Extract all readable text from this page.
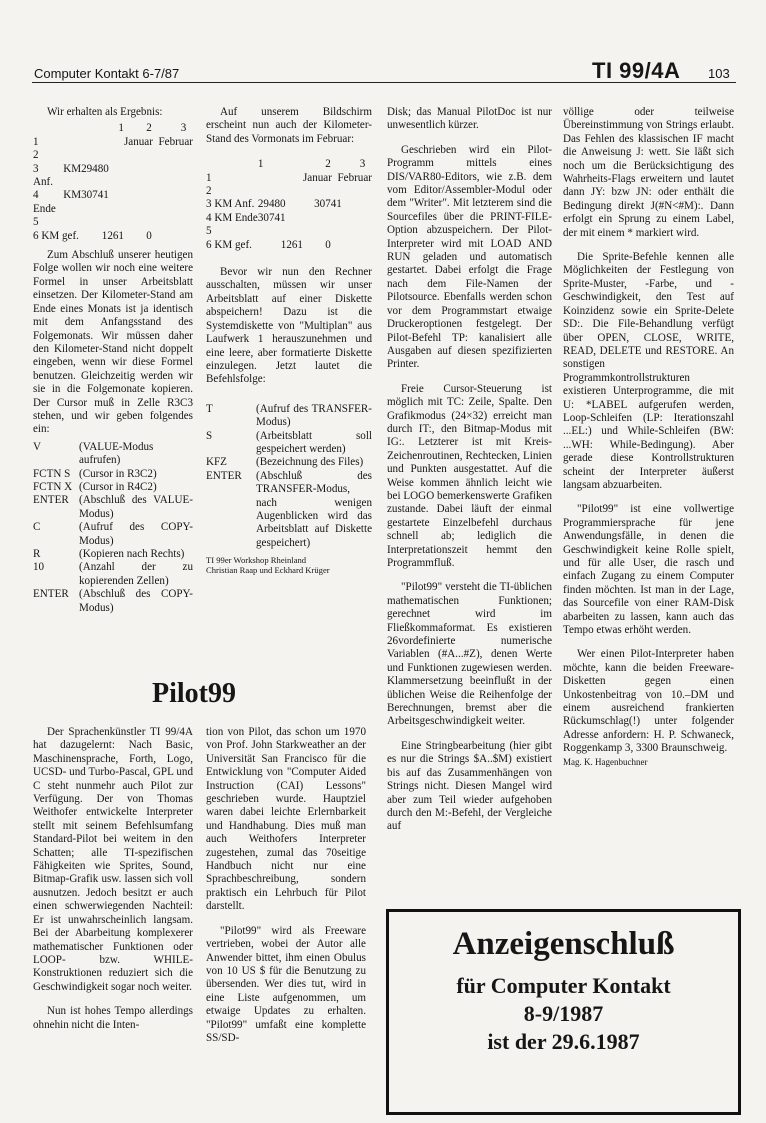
Computer Kontakt 6-7/87	TI 99/4A 103

Wir erhalten als Ergebnis:

	1	2	3
1		Januar Februar	
2			
3 KM Anf.	29480		
4 KM Ende	30741		
5			
6 KM gef.	1261	0	

Zum Abschluß unserer heutigen Folge wollen wir noch eine weitere Formel in unser Arbeitsblatt einsetzen. Der Kilometer-Stand am Ende eines Monats ist ja identisch mit dem Anfangsstand des Folgemonats. Wir müssen daher den Kilometer-Stand nicht doppelt eingeben, wenn wir diese Formel benutzen. Gleichzeitig werden wir sie in die Folgemonate kopieren. Der Cursor muß in Zelle R3C3 stehen, und wir geben folgendes ein:

V	(VALUE-Modus aufrufen)
FCTN S	(Cursor in R3C2)
FCTN X	(Cursor in R4C2)
ENTER	(Abschluß des VALUE-Modus)
C	(Aufruf des COPY-Modus)
R	(Kopieren nach Rechts)
10	(Anzahl der zu kopierenden Zellen)
ENTER	(Abschluß des COPY-Modus)

Auf unserem Bildschirm erscheint nun auch der Kilometer-Stand des Vormonats im Februar:

	1	2	3
1		Januar Februar	
2			
3 KM Anf.	29480	30741	
4 KM Ende	30741		
5			
6 KM gef.	1261	0	

Bevor wir nun den Rechner ausschalten, müssen wir unser Arbeitsblatt auf einer Diskette abspeichern! Dazu ist die Systemdiskette von "Multiplan" aus Laufwerk 1 herauszunehmen und eine leere, aber formatierte Diskette einzulegen. Jetzt lautet die Befehlsfolge:

T	(Aufruf des TRANSFER-Modus)
S	(Arbeitsblatt soll gespeichert werden)
KFZ	(Bezeichnung des Files)
ENTER	(Abschluß des TRANSFER-Modus, nach wenigen Augenblicken wird das Arbeitsblatt auf Diskette gespeichert)
TI 99er Workshop Rheinland
Christian Raap und Eckhard Krüger
Pilot99

Der Sprachenkünstler TI 99/4A hat dazugelernt: Nach Basic, Maschinensprache, Forth, Logo, UCSD- und Turbo-Pascal, GPL und C steht nunmehr auch Pilot zur Verfügung. Der von Thomas Weithofer entwickelte Interpreter stellt mit seinem Befehlsumfang Standard-Pilot bei weitem in den Schatten; alle TI-spezifischen Fähigkeiten wie Sprites, Sound, Bitmap-Grafik usw. lassen sich voll ausnutzen. Jedoch besitzt er auch einen schwerwiegenden Nachteil: Er ist unwahrscheinlich langsam. Bei der Abarbeitung komplexerer mathematischer Funktionen oder LOOP- bzw. WHILE-Konstruktionen reduziert sich die Geschwindigkeit sogar noch weiter.

Nun ist hohes Tempo allerdings ohnehin nicht die Inten-

tion von Pilot, das schon um 1970 von Prof. John Starkweather an der Universität San Francisco für die Entwicklung von "Computer Aided Instruction (CAI) Lessons" geschrieben wurde. Hauptziel waren dabei leichte Erlernbarkeit und Handhabung. Dies muß man auch Weithofers Interpreter zugestehen, zumal das 70seitige Handbuch nicht nur eine Sprachbeschreibung, sondern praktisch ein Lehrbuch für Pilot darstellt.

"Pilot99" wird als Freeware vertrieben, wobei der Autor alle Anwender bittet, ihm einen Obulus von 10 US $ für die Benutzung zu übersenden. Wer dies tut, wird in eine Liste aufgenommen, um etwaige Updates zu erhalten. "Pilot99" umfaßt eine komplette SS/SD-

Disk; das Manual PilotDoc ist nur unwesentlich kürzer.

Geschrieben wird ein Pilot-Programm mittels eines DIS/VAR80-Editors, wie z.B. dem vom Editor/Assembler-Modul oder dem "Writer". Mit letzterem sind die Sourcefiles über die PRINT-FILE-Option abzuspeichern. Der Pilot-Interpreter wird mit LOAD AND RUN geladen und automatisch gestartet. Dabei erfolgt die Frage nach dem File-Namen der Pilotsource. Ebenfalls werden schon vor dem Programmstart etwaige Druckeroptionen festgelegt. Der Pilot-Befehl TP: kanalisiert alle Ausgaben auf diesen spezifizierten Printer.

Freie Cursor-Steuerung ist möglich mit TC: Zeile, Spalte. Den Grafikmodus (24×32) erreicht man durch IT:, den Bitmap-Modus mit IG:. Letzterer ist mit Kreis-Zeichenroutinen, Rechtecken, Linien und Punkten ausgestattet. Auf die Weise kommen ähnlich leicht wie bei LOGO bemerkenswerte Grafiken zustande. Dabei läuft der einmal gestartete Einzelbefehl durchaus schnell ab; lediglich die Interpretationszeit hemmt den Programmfluß.

"Pilot99" versteht die TI-üblichen mathematischen Funktionen; gerechnet wird im Fließkommaformat. Es existieren 26vordefinierte numerische Variablen (#A...#Z), denen Werte und Funktionen zugewiesen werden. Klammersetzung beeinflußt in der üblichen Weise die Reihenfolge der Berechnungen, bremst aber die Arbeitsgeschwindigkeit weiter.

Eine Stringbearbeitung (hier gibt es nur die Strings $A..$M) existiert bis auf das Zusammenhängen von Strings nicht. Diesen Mangel wird aber zum Teil wieder aufgehoben durch den M:-Befehl, der Vergleiche auf

völlige oder teilweise Übereinstimmung von Strings erlaubt. Das Fehlen des klassischen IF macht die Anweisung J: wett. Sie läßt sich noch um die Berücksichtigung des Wahrheits-Flags erweitern und lautet dann JY: bzw JN: oder enthält die Bedingung direkt J(#N<#M):. Dann erfolgt ein Sprung zu einem Label, der mit einem * markiert wird.

Die Sprite-Befehle kennen alle Möglichkeiten der Festlegung von Sprite-Muster, -Farbe, und -Geschwindigkeit, den Test auf Koinzidenz sowie ein Sprite-Delete SD:. Die File-Behandlung verfügt über OPEN, CLOSE, WRITE, READ, DELETE und RESTORE. An sonstigen Programmkontrollstrukturen existieren Unterprogramme, die mit U: *LABEL aufgerufen werden, Loop-Schleifen (LP: Iterationszahl ...EL:) und While-Schleifen (BW: ...WH: While-Bedingung). Aber gerade diese Kontrollstrukturen scheint der Interpreter äußerst langsam abzuarbeiten.

"Pilot99" ist eine vollwertige Programmiersprache für jene Anwendungsfälle, in denen die Geschwindigkeit keine Rolle spielt, und für alle User, die rasch und einfach Zugang zu einem Computer finden möchten. Ist man in der Lage, das Sourcefile von einer RAM-Disk abarbeiten zu lassen, kann auch das Tempo etwas erhöht werden.

Wer einen Pilot-Interpreter haben möchte, kann die beiden Freeware-Disketten gegen einen Unkostenbeitrag von 10.–DM und einem ausreichend frankierten Rückumschlag(!) unter folgender Adresse anfordern: H. P. Schwaneck, Roggenkamp 3, 3300 Braunschweig.

Mag. K. Hagenbuchner

Anzeigenschluß
für Computer Kontakt
8-9/1987
ist der 29.6.1987
